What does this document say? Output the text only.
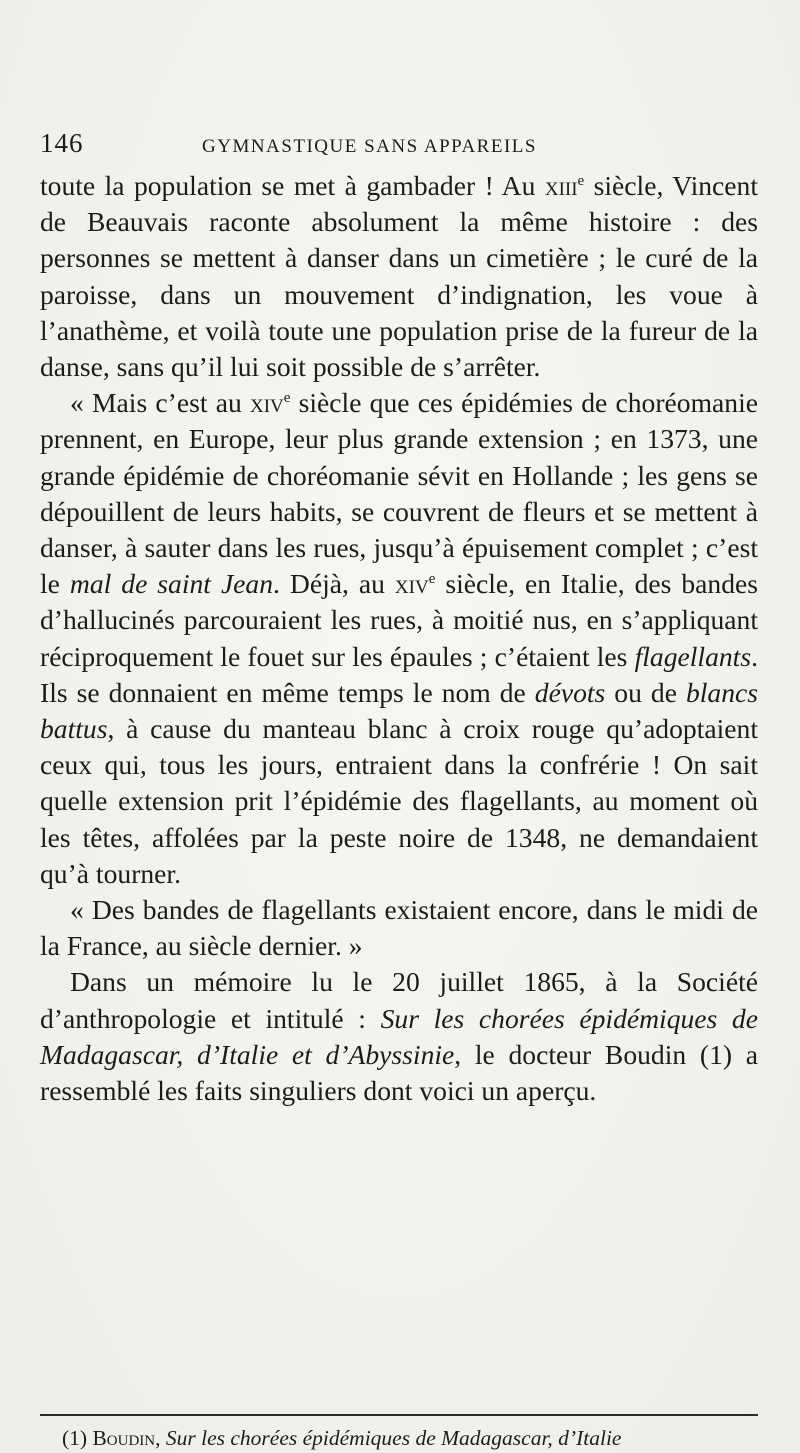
146	GYMNASTIQUE SANS APPAREILS

toute la population se met à gambader ! Au xiii$^e$ siècle, Vincent de Beauvais raconte absolument la même histoire : des personnes se mettent à danser dans un cimetière ; le curé de la paroisse, dans un mouvement d’indignation, les voue à l’anathème, et voilà toute une population prise de la fureur de la danse, sans qu’il lui soit possible de s’arrêter.

« Mais c’est au xiv$^e$ siècle que ces épidémies de choréomanie prennent, en Europe, leur plus grande extension ; en 1373, une grande épidémie de choréomanie sévit en Hollande ; les gens se dépouillent de leurs habits, se couvrent de fleurs et se mettent à danser, à sauter dans les rues, jusqu’à épuisement complet ; c’est le mal de saint Jean. Déjà, au xiv$^e$ siècle, en Italie, des bandes d’hallucinés parcouraient les rues, à moitié nus, en s’appliquant réciproquement le fouet sur les épaules ; c’étaient les flagellants. Ils se donnaient en même temps le nom de dévots ou de blancs battus, à cause du manteau blanc à croix rouge qu’adoptaient ceux qui, tous les jours, entraient dans la confrérie ! On sait quelle extension prit l’épidémie des flagellants, au moment où les têtes, affolées par la peste noire de 1348, ne demandaient qu’à tourner.

« Des bandes de flagellants existaient encore, dans le midi de la France, au siècle dernier. »

Dans un mémoire lu le 20 juillet 1865, à la Société d’anthropologie et intitulé : Sur les chorées épidémiques de Madagascar, d’Italie et d’Abyssinie, le docteur Boudin (1) a ressemblé les faits singuliers dont voici un aperçu.

(1) Boudin, Sur les chorées épidémiques de Madagascar, d’Italie
